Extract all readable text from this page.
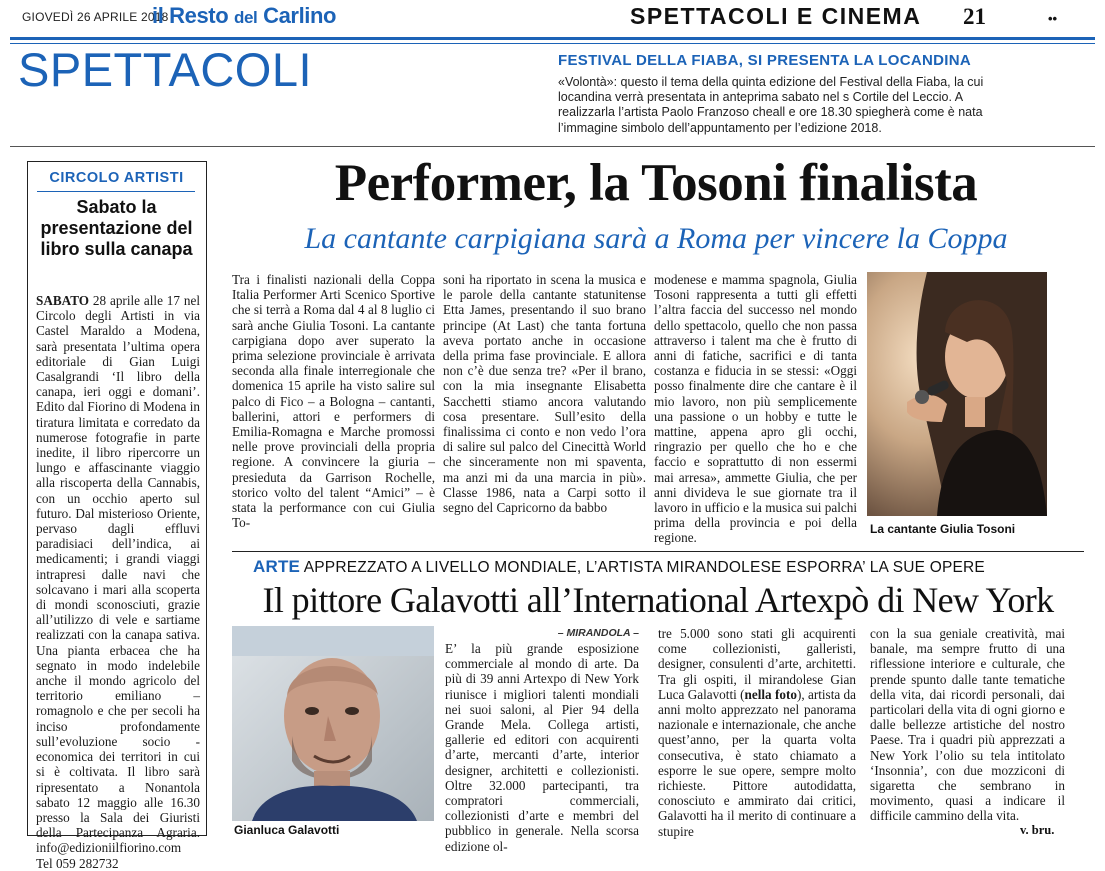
GIOVEDÌ 26 APRILE 2018
il Resto del Carlino	SPETTACOLI E CINEMA 21	••
SPETTACOLI	FESTIVAL DELLA FIABA, SI PRESENTA LA LOCANDINA
«Volontà»: questo il tema della quinta edizione del Festival della Fiaba, la cui locandina verrà presentata in anteprima sabato nel s Cortile del Leccio. A realizzarla l’artista Paolo Franzoso cheall e ore 18.30 spiegherà come è nata l’immagine simbolo dell’appuntamento per l’edizione 2018.
CIRCOLO ARTISTI
Sabato la presentazione del libro sulla canapa
SABATO 28 aprile alle 17 nel Circolo degli Artisti in via Castel Maraldo a Modena, sarà presentata l’ultima opera editoriale di Gian Luigi Casalgrandi ‘Il libro della canapa, ieri oggi e domani’. Edito dal Fiorino di Modena in tiratura limitata e corredato da numerose fotografie in parte inedite, il libro ripercorre un lungo e affascinante viaggio alla riscoperta della Cannabis, con un occhio aperto sul futuro. Dal misterioso Oriente, pervaso dagli effluvi paradisiaci dell’indica, ai medicamenti; i grandi viaggi intrapresi dalle navi che solcavano i mari alla scoperta di mondi sconosciuti, grazie all’utilizzo di vele e sartiame realizzati con la canapa sativa. Una pianta erbacea che ha segnato in modo indelebile anche il mondo agricolo del territorio emiliano – romagnolo e che per secoli ha inciso profondamente sull’evoluzione socio - economica dei territori in cui si è coltivata. Il libro sarà ripresentato a Nonantola sabato 12 maggio alle 16.30 presso la Sala dei Giuristi della Partecipanza Agraria. info@edizioniilfiorino.com Tel 059 282732
Performer, la Tosoni finalista
La cantante carpigiana sarà a Roma per vincere la Coppa
Tra i finalisti nazionali della Coppa Italia Performer Arti Scenico Sportive che si terrà a Roma dal 4 al 8 luglio ci sarà anche Giulia Tosoni. La cantante carpigiana dopo aver superato la prima selezione provinciale è arrivata seconda alla finale interregionale che domenica 15 aprile ha visto salire sul palco di Fico – a Bologna – cantanti, ballerini, attori e performers di Emilia-Romagna e Marche promossi nelle prove provinciali della propria regione. A convincere la giuria – presieduta da Garrison Rochelle, storico volto del talent “Amici” – è stata la performance con cui Giulia To-
soni ha riportato in scena la musica e le parole della cantante statunitense Etta James, presentando il suo brano principe (At Last) che tanta fortuna aveva portato anche in occasione della prima fase provinciale. E allora non c’è due senza tre? «Per il brano, con la mia insegnante Elisabetta Sacchetti stiamo ancora valutando cosa presentare. Sull’esito della finalissima ci conto e non vedo l’ora di salire sul palco del Cinecittà World che sinceramente non mi spaventa, ma anzi mi da una marcia in più». Classe 1986, nata a Carpi sotto il segno del Capricorno da babbo
modenese e mamma spagnola, Giulia Tosoni rappresenta a tutti gli effetti l’altra faccia del successo nel mondo dello spettacolo, quello che non passa attraverso i talent ma che è frutto di anni di fatiche, sacrifici e di tanta costanza e fiducia in se stessi: «Oggi posso finalmente dire che cantare è il mio lavoro, non più semplicemente una passione o un hobby e tutte le mattine, appena apro gli occhi, ringrazio per quello che ho e che faccio e soprattutto di non essermi mai arresa», ammette Giulia, che per anni divideva le sue giornate tra il lavoro in ufficio e la musica sui palchi prima della provincia e poi della regione.
La cantante Giulia Tosoni
ARTE APPREZZATO A LIVELLO MONDIALE, L’ARTISTA MIRANDOLESE ESPORRA’ LA SUE OPERE
Il pittore Galavotti all’International Artexpò di New York
Gianluca Galavotti
– MIRANDOLA –
E’ la più grande esposizione commerciale al mondo di arte. Da più di 39 anni Artexpo di New York riunisce i migliori talenti mondiali nei suoi saloni, al Pier 94 della Grande Mela. Collega artisti, gallerie ed editori con acquirenti d’arte, mercanti d’arte, interior designer, architetti e collezionisti. Oltre 32.000 partecipanti, tra compratori commerciali, collezionisti d’arte e membri del pubblico in generale. Nella scorsa edizione ol-
tre 5.000 sono stati gli acquirenti come collezionisti, galleristi, designer, consulenti d’arte, architetti. Tra gli ospiti, il mirandolese Gian Luca Galavotti (nella foto), artista da anni molto apprezzato nel panorama nazionale e internazionale, che anche quest’anno, per la quarta volta consecutiva, è stato chiamato a esporre le sue opere, sempre molto richieste. Pittore autodidatta, conosciuto e ammirato dai critici, Galavotti ha il merito di continuare a stupire
con la sua geniale creatività, mai banale, ma sempre frutto di una riflessione interiore e culturale, che prende spunto dalle tante tematiche della vita, dai ricordi personali, dai particolari della vita di ogni giorno e dalle bellezze artistiche del nostro Paese. Tra i quadri più apprezzati a New York l’olio su tela intitolato ‘Insonnia’, con due mozziconi di sigaretta che sembrano in movimento, quasi a indicare il difficile cammino della vita.
v. bru.
